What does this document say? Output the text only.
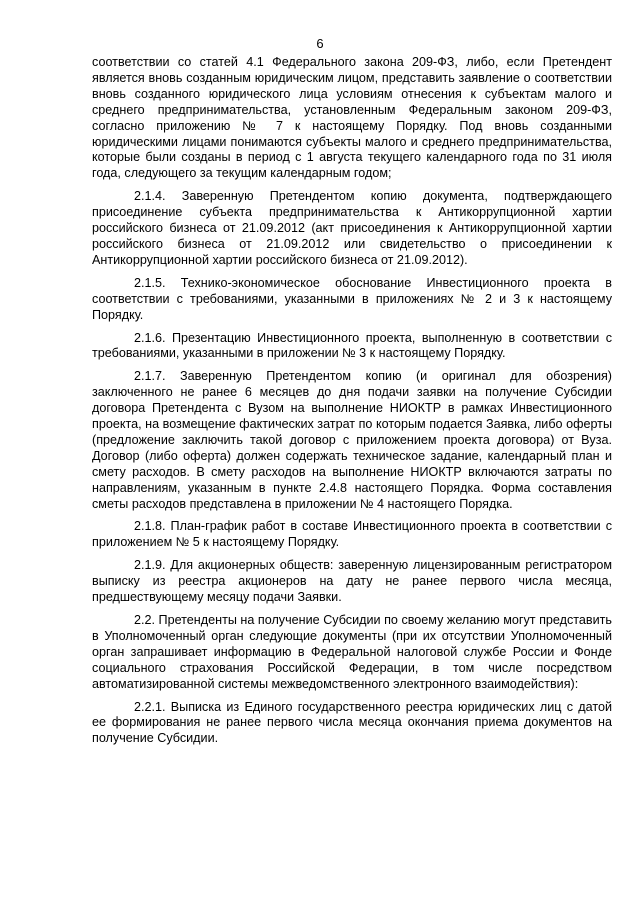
6

соответствии со статей 4.1 Федерального закона 209-ФЗ, либо, если Претендент является вновь созданным юридическим лицом, представить заявление о соответствии вновь созданного юридического лица условиям отнесения к субъектам малого и среднего предпринимательства, установленным Федеральным законом 209-ФЗ, согласно приложению № 7 к настоящему Порядку. Под вновь созданными юридическими лицами понимаются субъекты малого и среднего предпринимательства, которые были созданы в период с 1 августа текущего календарного года по 31 июля года, следующего за текущим календарным годом;

2.1.4. Заверенную Претендентом копию документа, подтверждающего присоединение субъекта предпринимательства к Антикоррупционной хартии российского бизнеса от 21.09.2012 (акт присоединения к Антикоррупционной хартии российского бизнеса от 21.09.2012 или свидетельство о присоединении к Антикоррупционной хартии российского бизнеса от 21.09.2012).

2.1.5. Технико-экономическое обоснование Инвестиционного проекта в соответствии с требованиями, указанными в приложениях № 2 и 3 к настоящему Порядку.

2.1.6. Презентацию Инвестиционного проекта, выполненную в соответствии с требованиями, указанными в приложении № 3 к настоящему Порядку.

2.1.7. Заверенную Претендентом копию (и оригинал для обозрения) заключенного не ранее 6 месяцев до дня подачи заявки на получение Субсидии договора Претендента с Вузом на выполнение НИОКТР в рамках Инвестиционного проекта, на возмещение фактических затрат по которым подается Заявка, либо оферты (предложение заключить такой договор с приложением проекта договора) от Вуза. Договор (либо оферта) должен содержать техническое задание, календарный план и смету расходов. В смету расходов на выполнение НИОКТР включаются затраты по направлениям, указанным в пункте 2.4.8 настоящего Порядка. Форма составления сметы расходов представлена в приложении № 4 настоящего Порядка.

2.1.8. План-график работ в составе Инвестиционного проекта в соответствии с приложением № 5 к настоящему Порядку.

2.1.9. Для акционерных обществ: заверенную лицензированным регистратором выписку из реестра акционеров на дату не ранее первого числа месяца, предшествующему месяцу подачи Заявки.

2.2. Претенденты на получение Субсидии по своему желанию могут представить в Уполномоченный орган следующие документы (при их отсутствии Уполномоченный орган запрашивает информацию в Федеральной налоговой службе России и Фонде социального страхования Российской Федерации, в том числе посредством автоматизированной системы межведомственного электронного взаимодействия):

2.2.1. Выписка из Единого государственного реестра юридических лиц с датой ее формирования не ранее первого числа месяца окончания приема документов на получение Субсидии.
